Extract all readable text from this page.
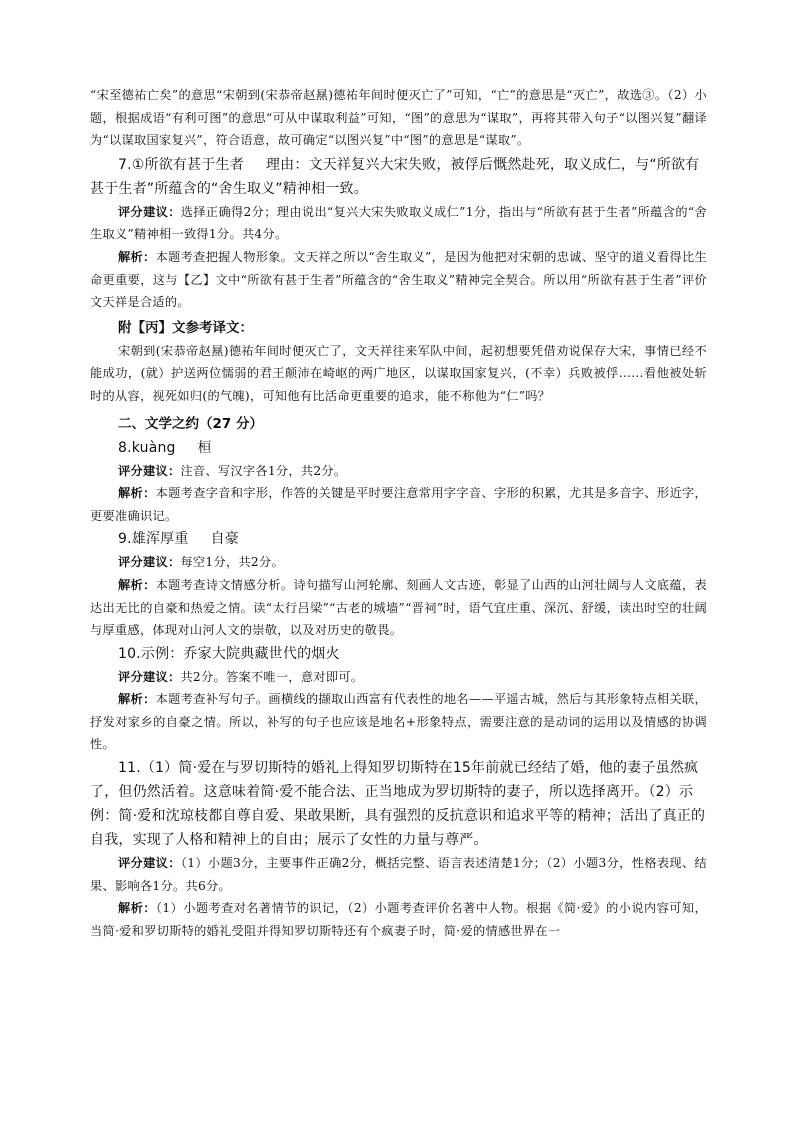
“宋至德祐亡矣”的意思“宋朝到(宋恭帝赵㬎)德祐年间时便灭亡了”可知，“亡”的意思是“灭亡”，故选③。（2）小题，根据成语“有利可图”的意思“可从中谋取利益”可知，“图”的意思为“谋取”，再将其带入句子“以图兴复”翻译为“以谋取国家复兴”，符合语意，故可确定“以图兴复”中“图”的意思是“谋取”。

7.①所欲有甚于生者 理由：文天祥复兴大宋失败，被俘后慨然赴死，取义成仁，与“所欲有甚于生者”所蕴含的“舍生取义”精神相一致。

评分建议：选择正确得2分；理由说出“复兴大宋失败取义成仁”1分，指出与“所欲有甚于生者”所蕴含的“舍生取义”精神相一致得1分。共4分。

解析：本题考查把握人物形象。文天祥之所以“舍生取义”，是因为他把对宋朝的忠诚、坚守的道义看得比生命更重要，这与【乙】文中“所欲有甚于生者”所蕴含的“舍生取义”精神完全契合。所以用“所欲有甚于生者”评价文天祥是合适的。

附【丙】文参考译文：

宋朝到(宋恭帝赵㬎)德祐年间时便灭亡了，文天祥往来军队中间，起初想要凭借劝说保存大宋，事情已经不能成功，(就）护送两位懦弱的君王颠沛在崎岖的两广地区，以谋取国家复兴，(不幸）兵败被俘……看他被处斩时的从容，视死如归(的气魄)，可知他有比活命更重要的追求，能不称他为“仁”吗？

二、文学之约（27 分）

8.kuàng 桓

评分建议：注音、写汉字各1分，共2分。

解析：本题考查字音和字形，作答的关键是平时要注意常用字字音、字形的积累，尤其是多音字、形近字，更要准确识记。

9.雄浑厚重 自豪

评分建议：每空1分，共2分。

解析：本题考查诗文情感分析。诗句描写山河轮廓、刻画人文古迹，彰显了山西的山河壮阔与人文底蕴，表达出无比的自豪和热爱之情。读“太行吕梁”“古老的城墙”“晋祠”时，语气宜庄重、深沉、舒缓，读出时空的壮阔与厚重感，体现对山河人文的崇敬，以及对历史的敬畏。

10.示例：乔家大院典藏世代的烟火

评分建议：共2分。答案不唯一，意对即可。

解析：本题考查补写句子。画横线的撷取山西富有代表性的地名——平遥古城，然后与其形象特点相关联，抒发对家乡的自豪之情。所以，补写的句子也应该是地名+形象特点，需要注意的是动词的运用以及情感的协调性。

11.（1）简·爱在与罗切斯特的婚礼上得知罗切斯特在15年前就已经结了婚，他的妻子虽然疯了，但仍然活着。这意味着简·爱不能合法、正当地成为罗切斯特的妻子，所以选择离开。（2）示例：简·爱和沈琼枝都自尊自爱、果敢果断，具有强烈的反抗意识和追求平等的精神；活出了真正的自我，实现了人格和精神上的自由；展示了女性的力量与尊严。

评分建议：（1）小题3分，主要事件正确2分，概括完整、语言表述清楚1分；（2）小题3分，性格表现、结果、影响各1分。共6分。

解析：（1）小题考查对名著情节的识记，（2）小题考查评价名著中人物。根据《简·爱》的小说内容可知，当简·爱和罗切斯特的婚礼受阻并得知罗切斯特还有个疯妻子时，简·爱的情感世界在一
